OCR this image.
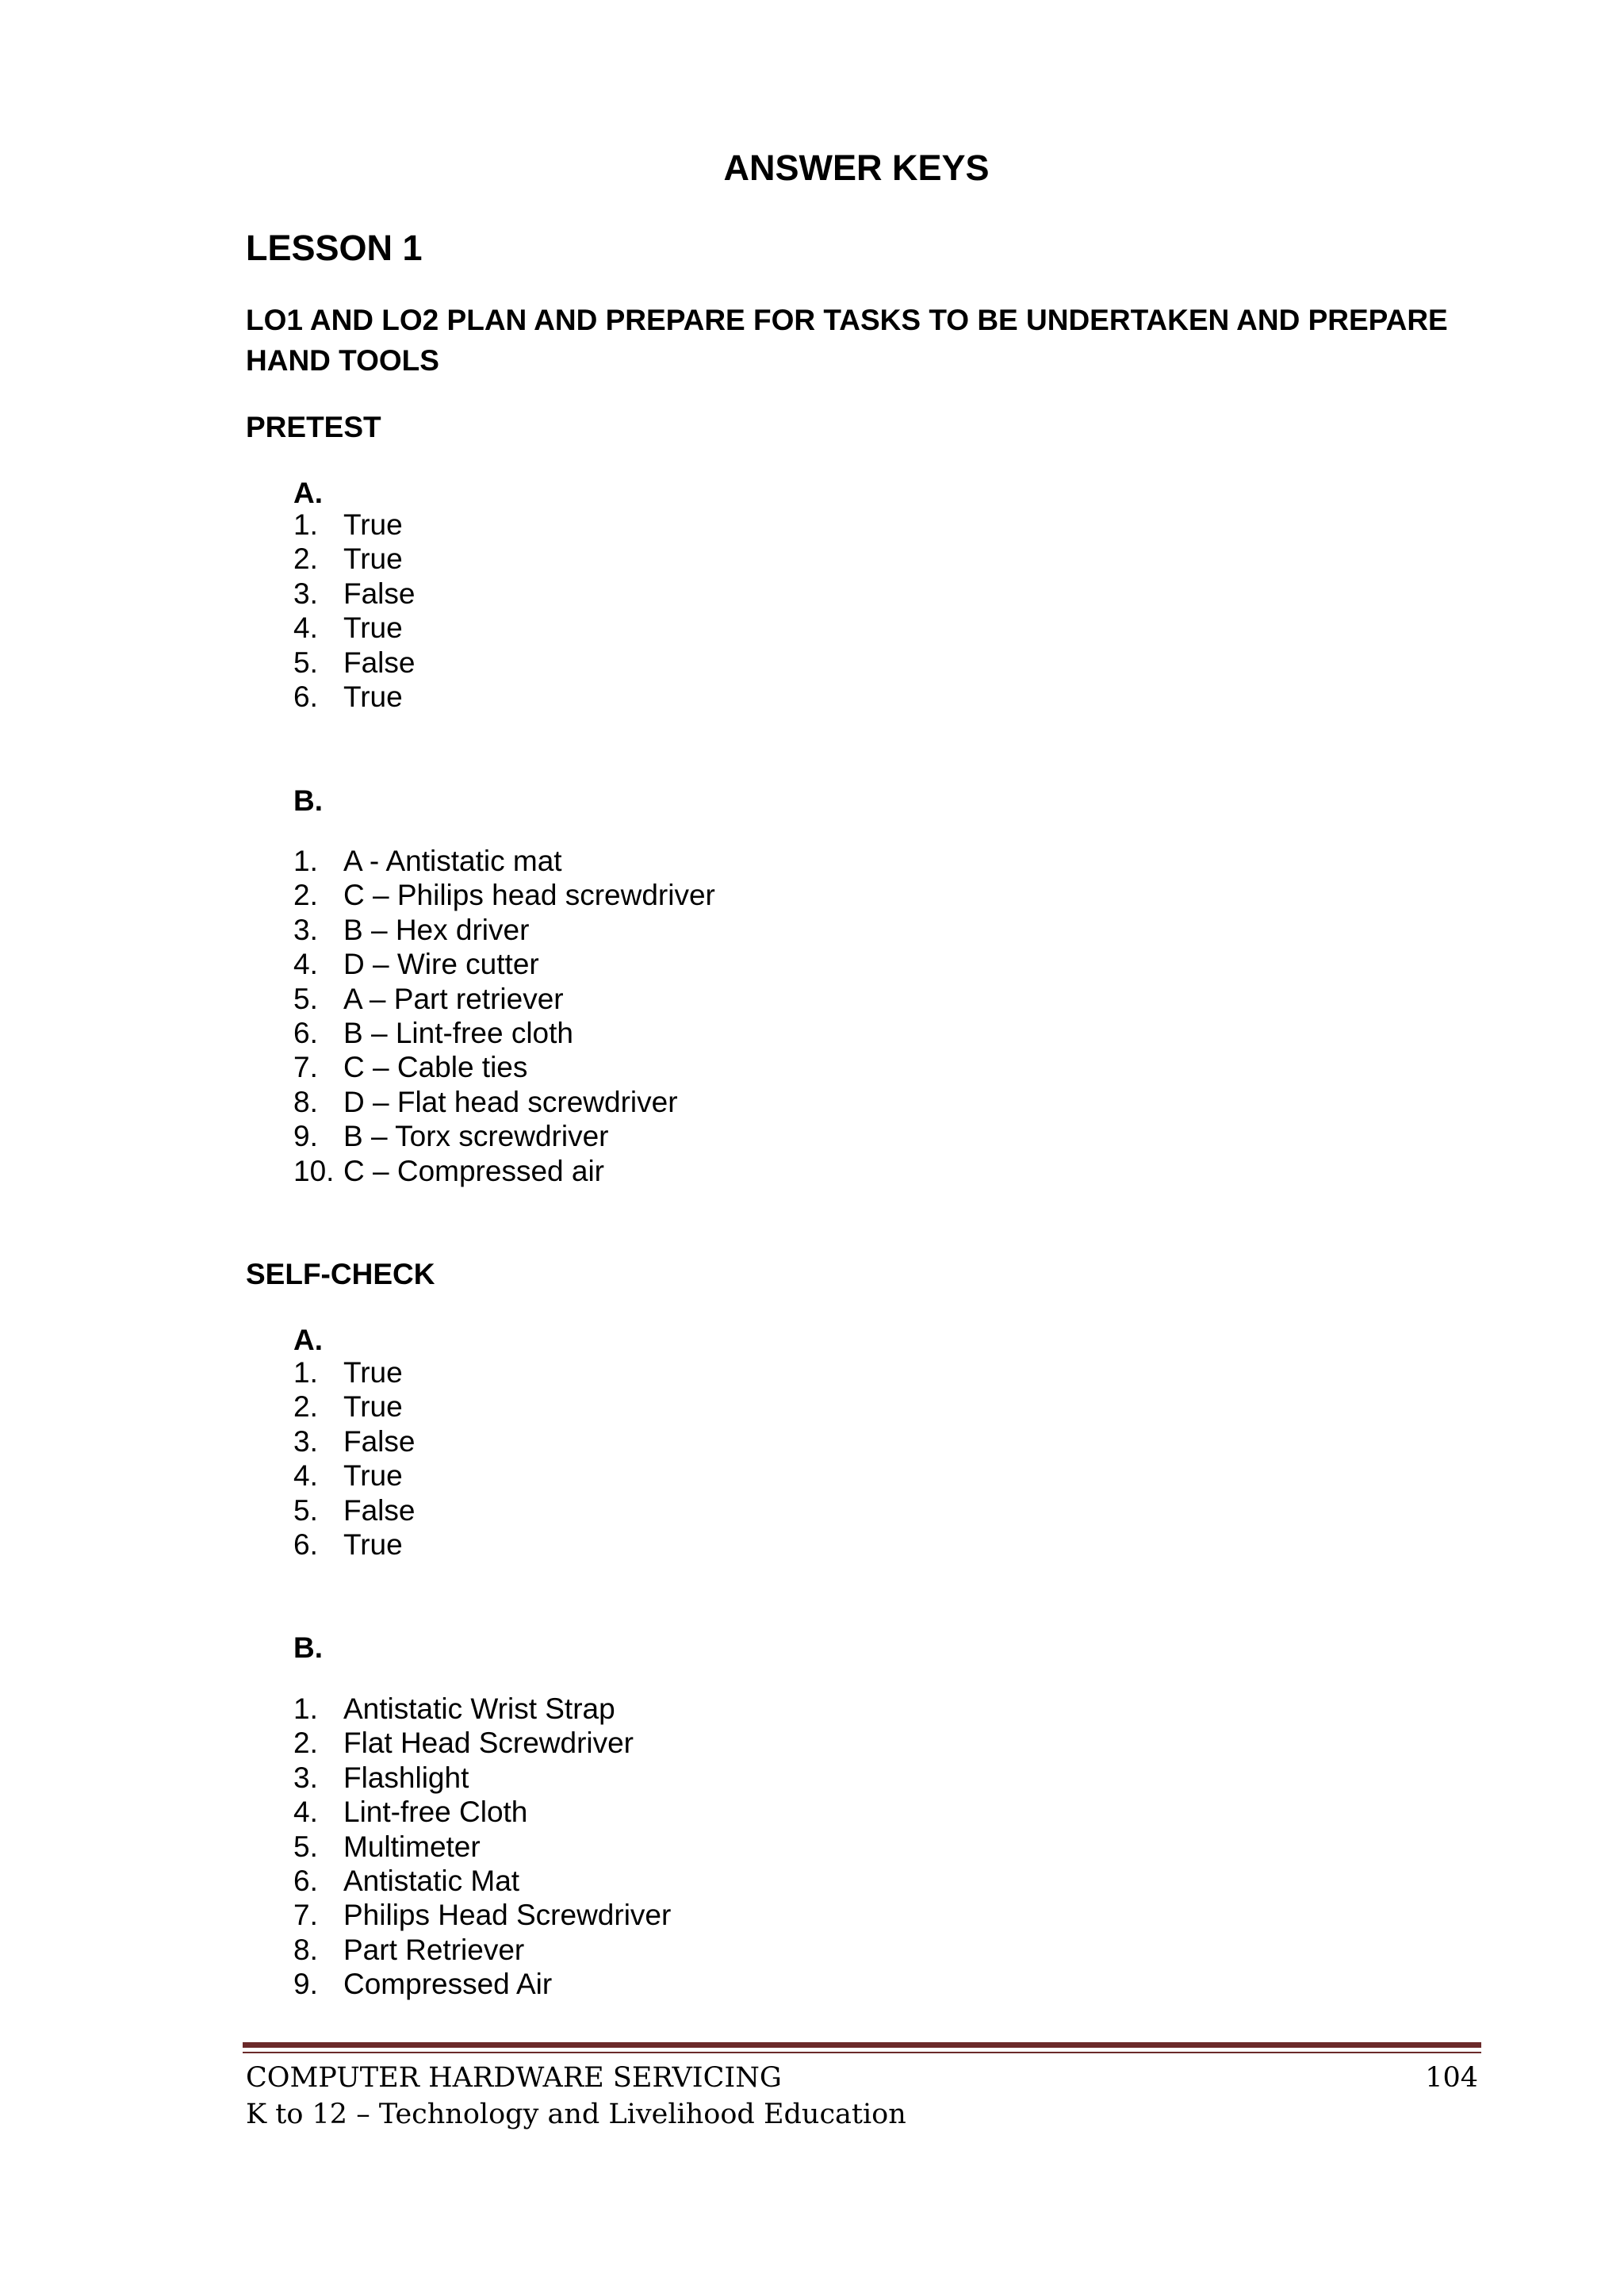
ANSWER KEYS
LESSON 1
LO1 AND LO2 PLAN AND PREPARE FOR TASKS TO BE UNDERTAKEN AND PREPARE HAND TOOLS
PRETEST
A.
1. True
2. True
3. False
4. True
5. False
6. True
B.
1. A - Antistatic mat
2. C – Philips head screwdriver
3. B – Hex driver
4. D – Wire cutter
5. A – Part retriever
6. B – Lint-free cloth
7. C – Cable ties
8. D – Flat head screwdriver
9. B – Torx screwdriver
10. C – Compressed air
SELF-CHECK
A.
1. True
2. True
3. False
4. True
5. False
6. True
B.
1. Antistatic Wrist Strap
2. Flat Head Screwdriver
3. Flashlight
4. Lint-free Cloth
5. Multimeter
6. Antistatic Mat
7. Philips Head Screwdriver
8. Part Retriever
9. Compressed Air
COMPUTER HARDWARE SERVICING
K to 12 – Technology and Livelihood Education
104
